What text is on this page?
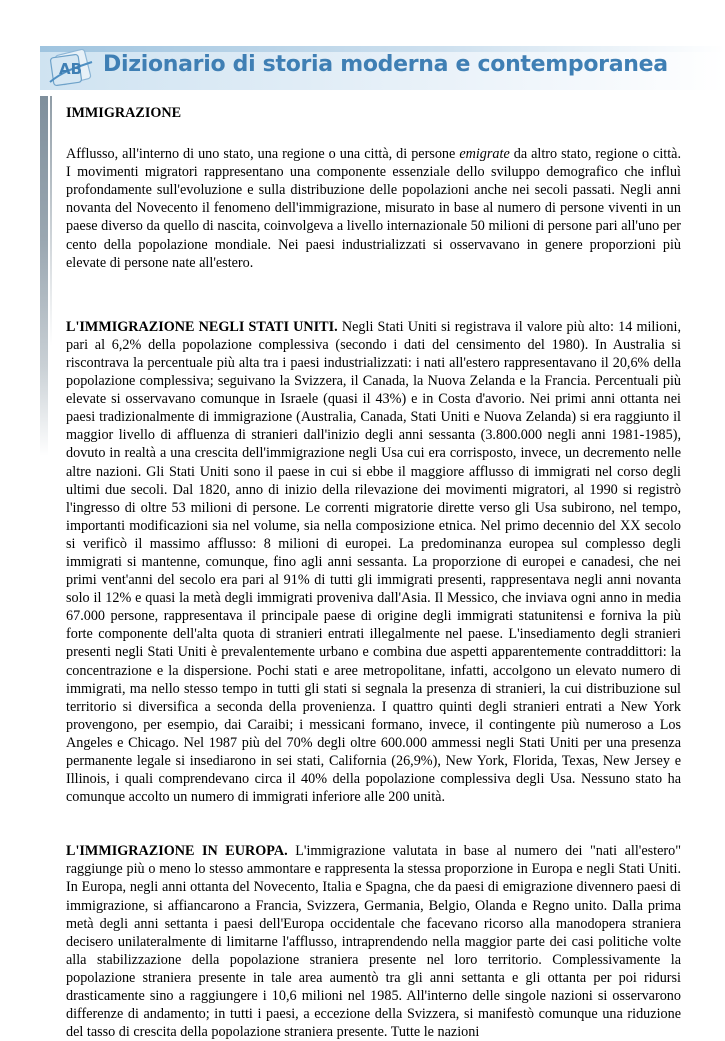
AB Dizionario di storia moderna e contemporanea
IMMIGRAZIONE

Afflusso, all'interno di uno stato, una regione o una città, di persone emigrate da altro stato, regione o città. I movimenti migratori rappresentano una componente essenziale dello sviluppo demografico che influì profondamente sull'evoluzione e sulla distribuzione delle popolazioni anche nei secoli passati. Negli anni novanta del Novecento il fenomeno dell'immigrazione, misurato in base al numero di persone viventi in un paese diverso da quello di nascita, coinvolgeva a livello internazionale 50 milioni di persone pari all'uno per cento della popolazione mondiale. Nei paesi industrializzati si osservavano in genere proporzioni più elevate di persone nate all'estero.

L'IMMIGRAZIONE NEGLI STATI UNITI. Negli Stati Uniti si registrava il valore più alto: 14 milioni, pari al 6,2% della popolazione complessiva (secondo i dati del censimento del 1980). In Australia si riscontrava la percentuale più alta tra i paesi industrializzati: i nati all'estero rappresentavano il 20,6% della popolazione complessiva; seguivano la Svizzera, il Canada, la Nuova Zelanda e la Francia. Percentuali più elevate si osservavano comunque in Israele (quasi il 43%) e in Costa d'avorio. Nei primi anni ottanta nei paesi tradizionalmente di immigrazione (Australia, Canada, Stati Uniti e Nuova Zelanda) si era raggiunto il maggior livello di affluenza di stranieri dall'inizio degli anni sessanta (3.800.000 negli anni 1981-1985), dovuto in realtà a una crescita dell'immigrazione negli Usa cui era corrisposto, invece, un decremento nelle altre nazioni. Gli Stati Uniti sono il paese in cui si ebbe il maggiore afflusso di immigrati nel corso degli ultimi due secoli. Dal 1820, anno di inizio della rilevazione dei movimenti migratori, al 1990 si registrò l'ingresso di oltre 53 milioni di persone. Le correnti migratorie dirette verso gli Usa subirono, nel tempo, importanti modificazioni sia nel volume, sia nella composizione etnica. Nel primo decennio del XX secolo si verificò il massimo afflusso: 8 milioni di europei. La predominanza europea sul complesso degli immigrati si mantenne, comunque, fino agli anni sessanta. La proporzione di europei e canadesi, che nei primi vent'anni del secolo era pari al 91% di tutti gli immigrati presenti, rappresentava negli anni novanta solo il 12% e quasi la metà degli immigrati proveniva dall'Asia. Il Messico, che inviava ogni anno in media 67.000 persone, rappresentava il principale paese di origine degli immigrati statunitensi e forniva la più forte componente dell'alta quota di stranieri entrati illegalmente nel paese. L'insediamento degli stranieri presenti negli Stati Uniti è prevalentemente urbano e combina due aspetti apparentemente contraddittori: la concentrazione e la dispersione. Pochi stati e aree metropolitane, infatti, accolgono un elevato numero di immigrati, ma nello stesso tempo in tutti gli stati si segnala la presenza di stranieri, la cui distribuzione sul territorio si diversifica a seconda della provenienza. I quattro quinti degli stranieri entrati a New York provengono, per esempio, dai Caraibi; i messicani formano, invece, il contingente più numeroso a Los Angeles e Chicago. Nel 1987 più del 70% degli oltre 600.000 ammessi negli Stati Uniti per una presenza permanente legale si insediarono in sei stati, California (26,9%), New York, Florida, Texas, New Jersey e Illinois, i quali comprendevano circa il 40% della popolazione complessiva degli Usa. Nessuno stato ha comunque accolto un numero di immigrati inferiore alle 200 unità.

L'IMMIGRAZIONE IN EUROPA. L'immigrazione valutata in base al numero dei "nati all'estero" raggiunge più o meno lo stesso ammontare e rappresenta la stessa proporzione in Europa e negli Stati Uniti. In Europa, negli anni ottanta del Novecento, Italia e Spagna, che da paesi di emigrazione divennero paesi di immigrazione, si affiancarono a Francia, Svizzera, Germania, Belgio, Olanda e Regno unito. Dalla prima metà degli anni settanta i paesi dell'Europa occidentale che facevano ricorso alla manodopera straniera decisero unilateralmente di limitarne l'afflusso, intraprendendo nella maggior parte dei casi politiche volte alla stabilizzazione della popolazione straniera presente nel loro territorio. Complessivamente la popolazione straniera presente in tale area aumentò tra gli anni settanta e gli ottanta per poi ridursi drasticamente sino a raggiungere i 10,6 milioni nel 1985. All'interno delle singole nazioni si osservarono differenze di andamento; in tutti i paesi, a eccezione della Svizzera, si manifestò comunque una riduzione del tasso di crescita della popolazione straniera presente. Tutte le nazioni
